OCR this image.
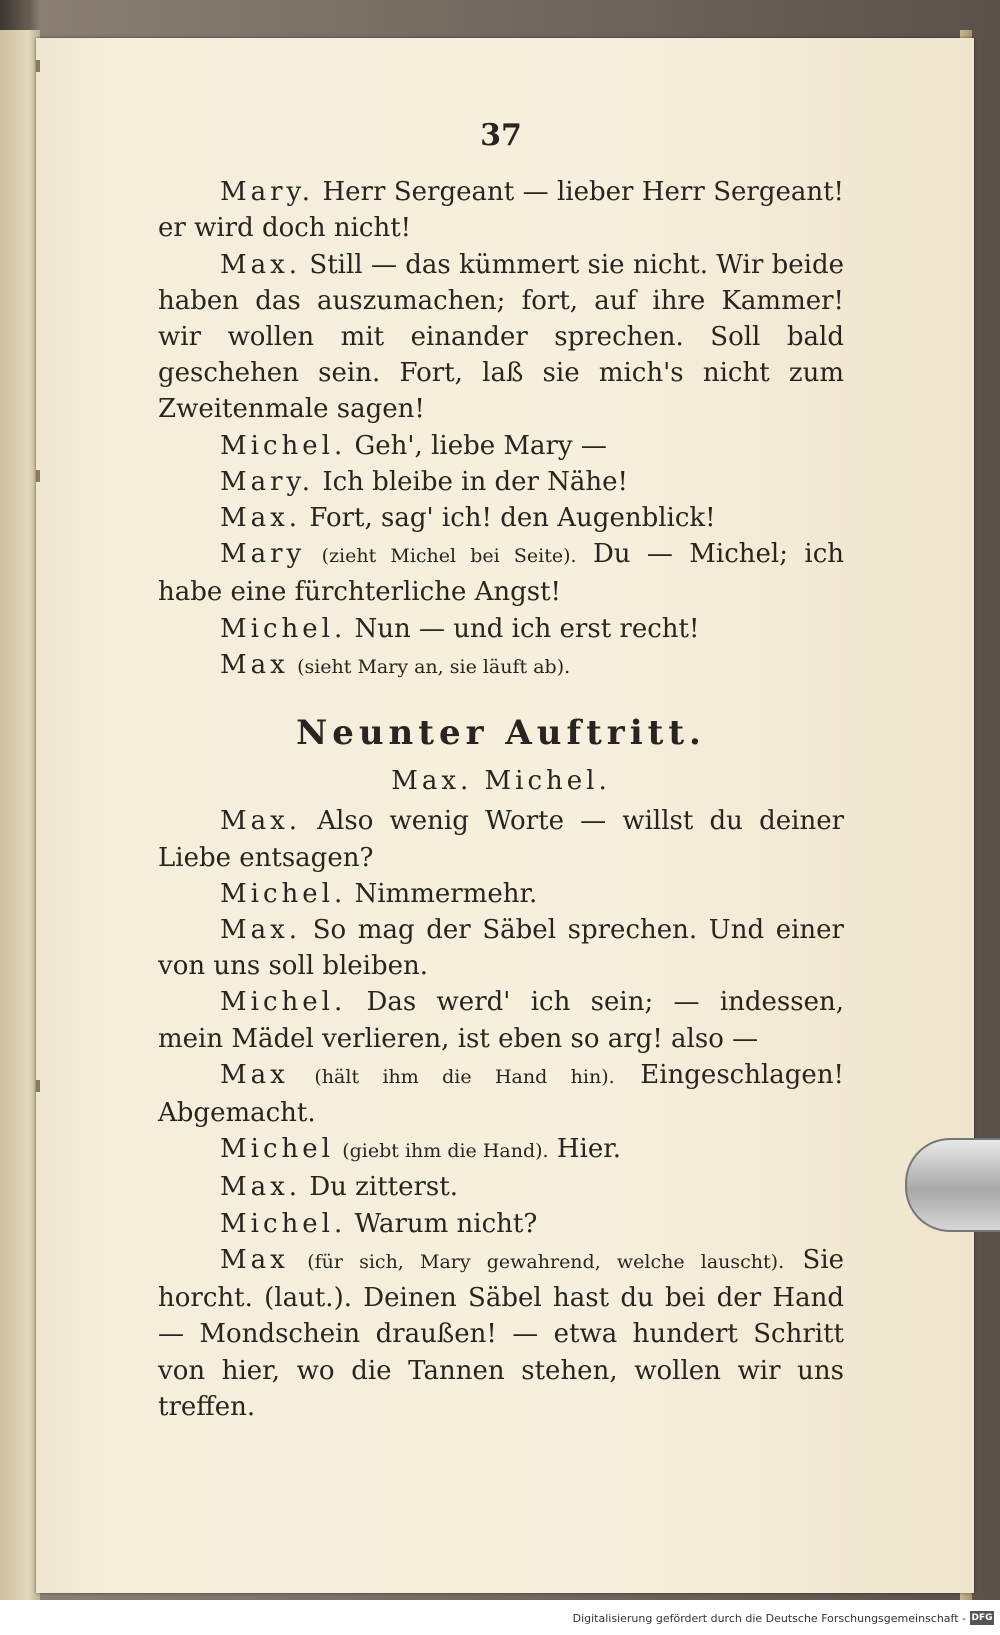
37

Mary. Herr Sergeant — lieber Herr Sergeant! er wird doch nicht!

Max. Still — das kümmert sie nicht. Wir beide haben das auszumachen; fort, auf ihre Kammer! wir wollen mit einander sprechen. Soll bald geschehen sein. Fort, laß sie mich's nicht zum Zweitenmale sagen!

Michel. Geh', liebe Mary —

Mary. Ich bleibe in der Nähe!

Max. Fort, sag' ich! den Augenblick!

Mary (zieht Michel bei Seite). Du — Michel; ich habe eine fürchterliche Angst!

Michel. Nun — und ich erst recht!

Max (sieht Mary an, sie läuft ab).

Neunter Auftritt.
Max. Michel.

Max. Also wenig Worte — willst du deiner Liebe entsagen?

Michel. Nimmermehr.

Max. So mag der Säbel sprechen. Und einer von uns soll bleiben.

Michel. Das werd' ich sein; — indessen, mein Mädel verlieren, ist eben so arg! also —

Max (hält ihm die Hand hin). Eingeschlagen! Abgemacht.

Michel (giebt ihm die Hand). Hier.

Max. Du zitterst.

Michel. Warum nicht?

Max (für sich, Mary gewahrend, welche lauscht). Sie horcht. (laut.). Deinen Säbel hast du bei der Hand — Mondschein draußen! — etwa hundert Schritt von hier, wo die Tannen stehen, wollen wir uns treffen.

Digitalisierung gefördert durch die Deutsche Forschungsgemeinschaft - DFG
